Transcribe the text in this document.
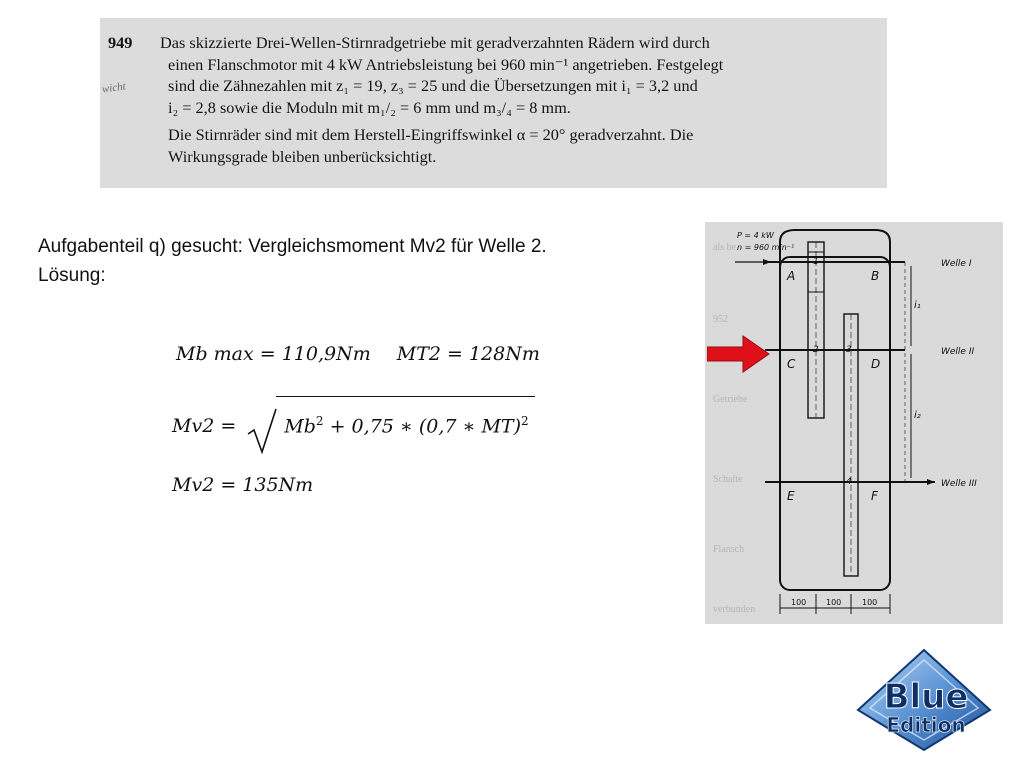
wicht

949 Das skizzierte Drei-Wellen-Stirnradgetriebe mit geradverzahnten Rädern wird durch
einen Flanschmotor mit 4 kW Antriebsleistung bei 960 min⁻¹ angetrieben. Festgelegt
sind die Zähnezahlen mit z₁ = 19, z₃ = 25 und die Übersetzungen mit i₁ = 3,2 und
i₂ = 2,8 sowie die Moduln mit m₁/₂ = 6 mm und m₃/₄ = 8 mm.

Die Stirnräder sind mit dem Herstell-Eingriffswinkel α = 20° geradverzahnt. Die
Wirkungsgrade bleiben unberücksichtigt.

Aufgabenteil q) gesucht: Vergleichsmoment Mv2 für Welle 2.
Lösung:
Mb max = 110,9Nm MT2 = 128Nm
Mv2 =	$Mb^2 + 0,75$ ∗ (0,7 ∗ MT)$^2$
Mv2 = 135Nm
als be
952
Getriebe
Schalte
Flansch
verbunden
P = 4 kW
n = 960 min⁻¹
1
2	3
4
A	B
C	D
E	F
i₁
i₂
Welle I
Welle II
Welle III
100 100	100
Blue
Edition
